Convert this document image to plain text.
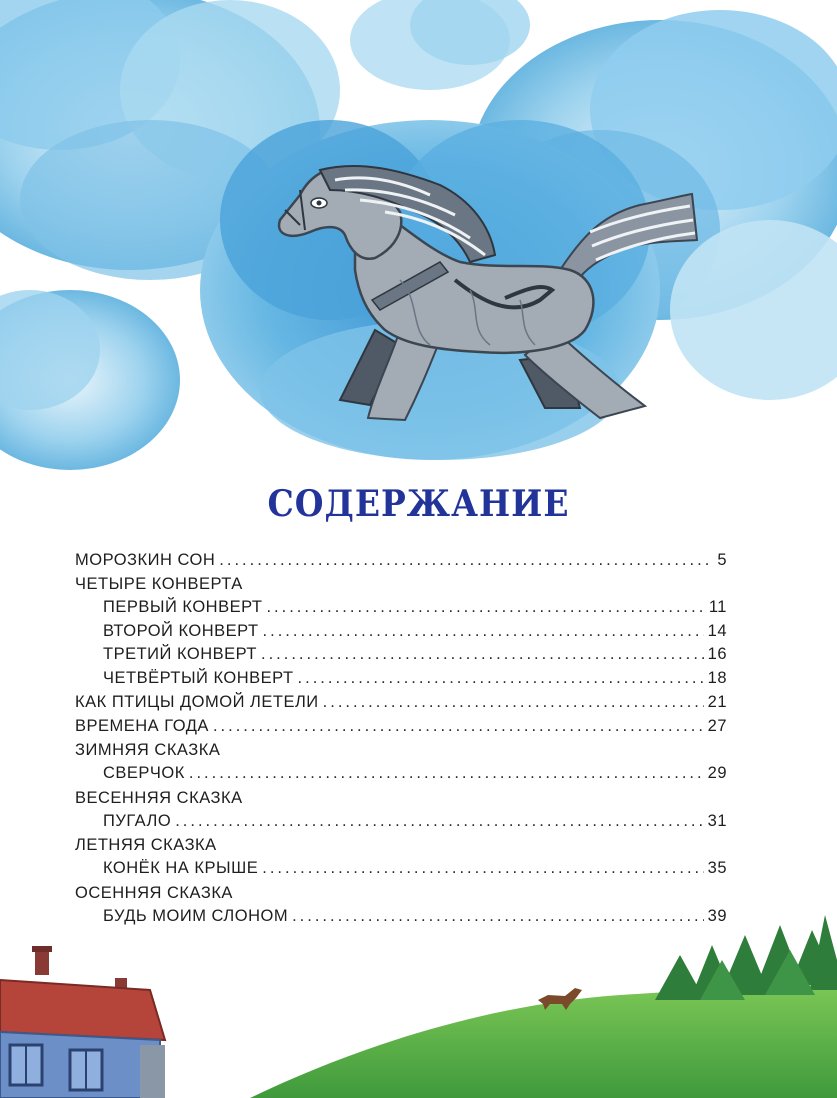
СОДЕРЖАНИЕ
МОРОЗКИН СОН .....	5
ЧЕТЫРЕ КОНВЕРТА
ПЕРВЫЙ КОНВЕРТ .....	11
ВТОРОЙ КОНВЕРТ .....	14
ТРЕТИЙ КОНВЕРТ .....	16
ЧЕТВЁРТЫЙ КОНВЕРТ .....	18
КАК ПТИЦЫ ДОМОЙ ЛЕТЕЛИ .....	21
ВРЕМЕНА ГОДА .....	27
ЗИМНЯЯ СКАЗКА
СВЕРЧОК .....	29
ВЕСЕННЯЯ СКАЗКА
ПУГАЛО .....	31
ЛЕТНЯЯ СКАЗКА
КОНЁК НА КРЫШЕ .....	35
ОСЕННЯЯ СКАЗКА
БУДЬ МОИМ СЛОНОМ .....	39
